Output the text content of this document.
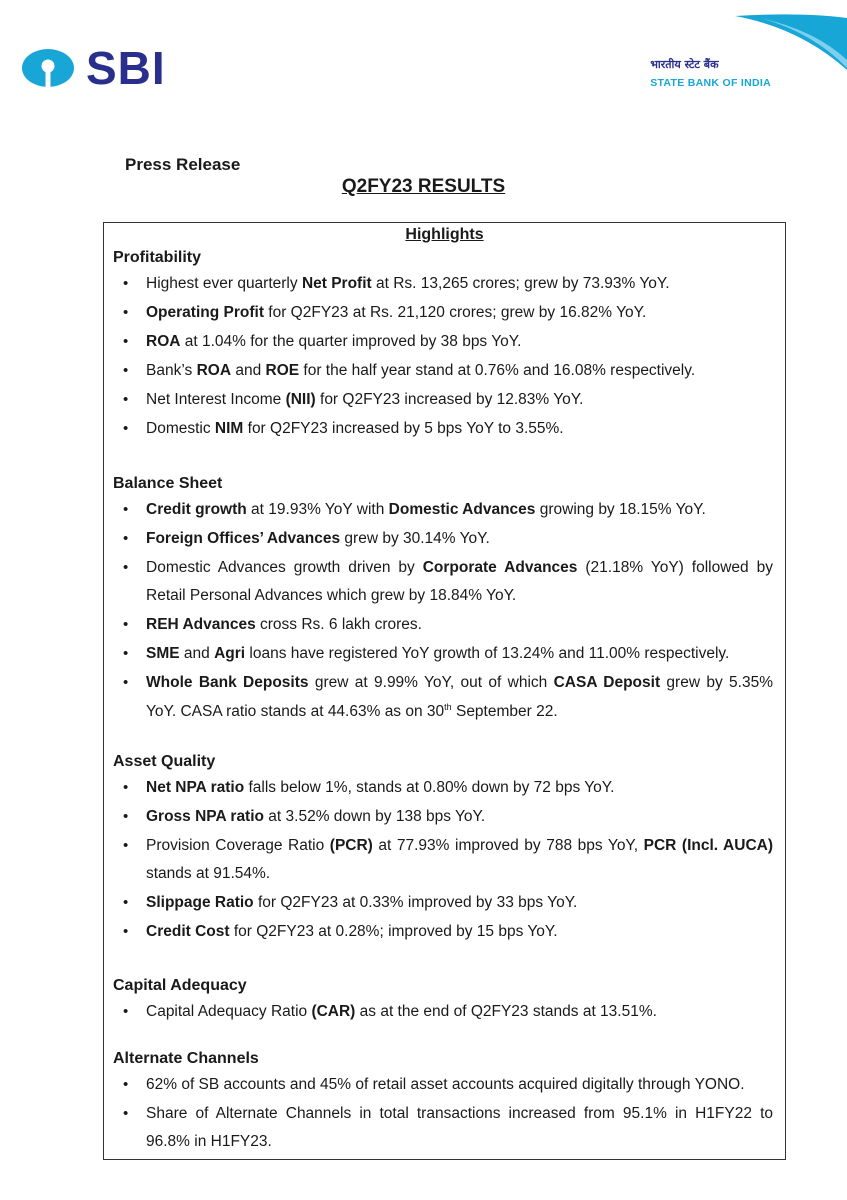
SBI	भारतीय स्टेट बैंक
STATE BANK OF INDIA
Press Release
Q2FY23 RESULTS
Highlights
Profitability
• Highest ever quarterly Net Profit at Rs. 13,265 crores; grew by 73.93% YoY.
• Operating Profit for Q2FY23 at Rs. 21,120 crores; grew by 16.82% YoY.
• ROA at 1.04% for the quarter improved by 38 bps YoY.
• Bank’s ROA and ROE for the half year stand at 0.76% and 16.08% respectively.
• Net Interest Income (NII) for Q2FY23 increased by 12.83% YoY.
• Domestic NIM for Q2FY23 increased by 5 bps YoY to 3.55%.
Balance Sheet
• Credit growth at 19.93% YoY with Domestic Advances growing by 18.15% YoY.
• Foreign Offices’ Advances grew by 30.14% YoY.
• Domestic Advances growth driven by Corporate Advances (21.18% YoY) followed by Retail Personal Advances which grew by 18.84% YoY.
• REH Advances cross Rs. 6 lakh crores.
• SME and Agri loans have registered YoY growth of 13.24% and 11.00% respectively.
• Whole Bank Deposits grew at 9.99% YoY, out of which CASA Deposit grew by 5.35% YoY. CASA ratio stands at 44.63% as on 30th September 22.
Asset Quality
• Net NPA ratio falls below 1%, stands at 0.80% down by 72 bps YoY.
• Gross NPA ratio at 3.52% down by 138 bps YoY.
• Provision Coverage Ratio (PCR) at 77.93% improved by 788 bps YoY, PCR (Incl. AUCA) stands at 91.54%.
• Slippage Ratio for Q2FY23 at 0.33% improved by 33 bps YoY.
• Credit Cost for Q2FY23 at 0.28%; improved by 15 bps YoY.
Capital Adequacy
• Capital Adequacy Ratio (CAR) as at the end of Q2FY23 stands at 13.51%.
Alternate Channels
• 62% of SB accounts and 45% of retail asset accounts acquired digitally through YONO.
• Share of Alternate Channels in total transactions increased from 95.1% in H1FY22 to 96.8% in H1FY23.
